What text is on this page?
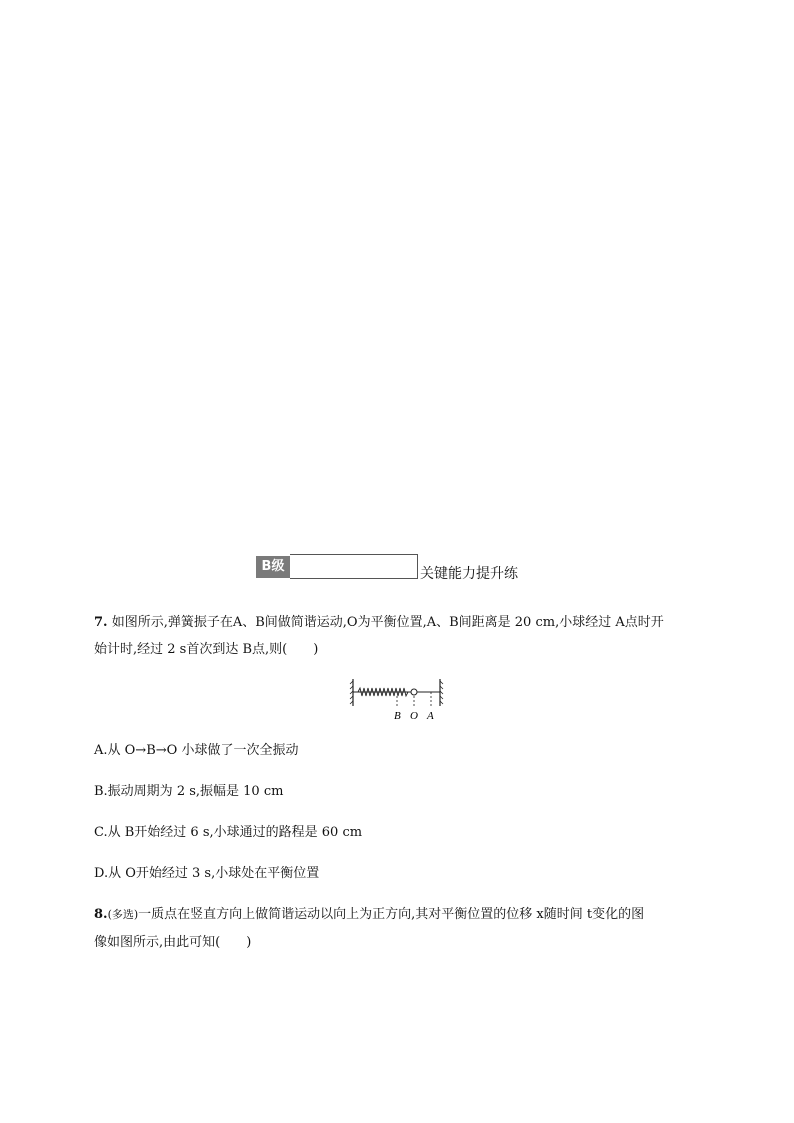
B级	关键能力提升练
7. 如图所示,弹簧振子在A、B间做简谐运动,O为平衡位置,A、B间距离是 20 cm,小球经过 A点时开
始计时,经过 2 s首次到达 B点,则(　　)
B O A
A.从 O→B→O 小球做了一次全振动
B.振动周期为 2 s,振幅是 10 cm
C.从 B开始经过 6 s,小球通过的路程是 60 cm
D.从 O开始经过 3 s,小球处在平衡位置
8.(多选)一质点在竖直方向上做简谐运动以向上为正方向,其对平衡位置的位移 x随时间 t变化的图
像如图所示,由此可知(　　)
